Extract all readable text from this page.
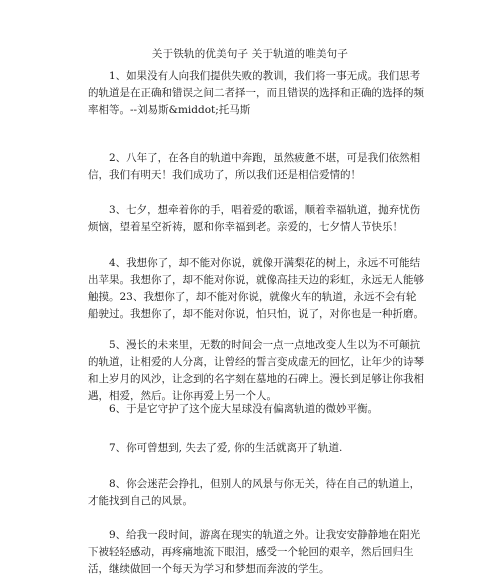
关于铁轨的优美句子 关于轨道的唯美句子

1、如果没有人向我们提供失败的教训，我们将一事无成。我们思考的轨道是在正确和错误之间二者择一，而且错误的选择和正确的选择的频率相等。--刘易斯&middot;托马斯

2、八年了，在各自的轨道中奔跑，虽然疲惫不堪，可是我们依然相信，我们有明天！我们成功了，所以我们还是相信爱情的！

3、七夕，想牵着你的手，唱着爱的歌谣，顺着幸福轨道，抛弃忧伤烦恼，望着星空祈祷，愿和你幸福到老。亲爱的，七夕情人节快乐！

4、我想你了，却不能对你说，就像开满梨花的树上，永远不可能结出苹果。我想你了，却不能对你说，就像高挂天边的彩虹，永远无人能够触摸。23、我想你了，却不能对你说，就像火车的轨道，永远不会有轮船驶过。我想你了，却不能对你说，怕只怕，说了，对你也是一种折磨。

5、漫长的未来里，无数的时间会一点一点地改变人生以为不可颠抗的轨道，让相爱的人分离，让曾经的誓言变成虚无的回忆，让年少的诗琴和上岁月的风沙，让念到的名字刻在墓地的石碑上。漫长到足够让你我相遇，相爱，然后。让你再爱上另一个人。

6、于是它守护了这个庞大星球没有偏离轨道的微妙平衡。

7、你可曾想到, 失去了爱, 你的生活就离开了轨道.

8、你会迷茫会挣扎，但别人的风景与你无关，待在自己的轨道上，才能找到自己的风景。

9、给我一段时间，游离在现实的轨道之外。让我安安静静地在阳光下被轻轻感动，再疼痛地流下眼泪，感受一个轮回的艰辛，然后回归生活，继续做回一个每天为学习和梦想而奔波的学生。
